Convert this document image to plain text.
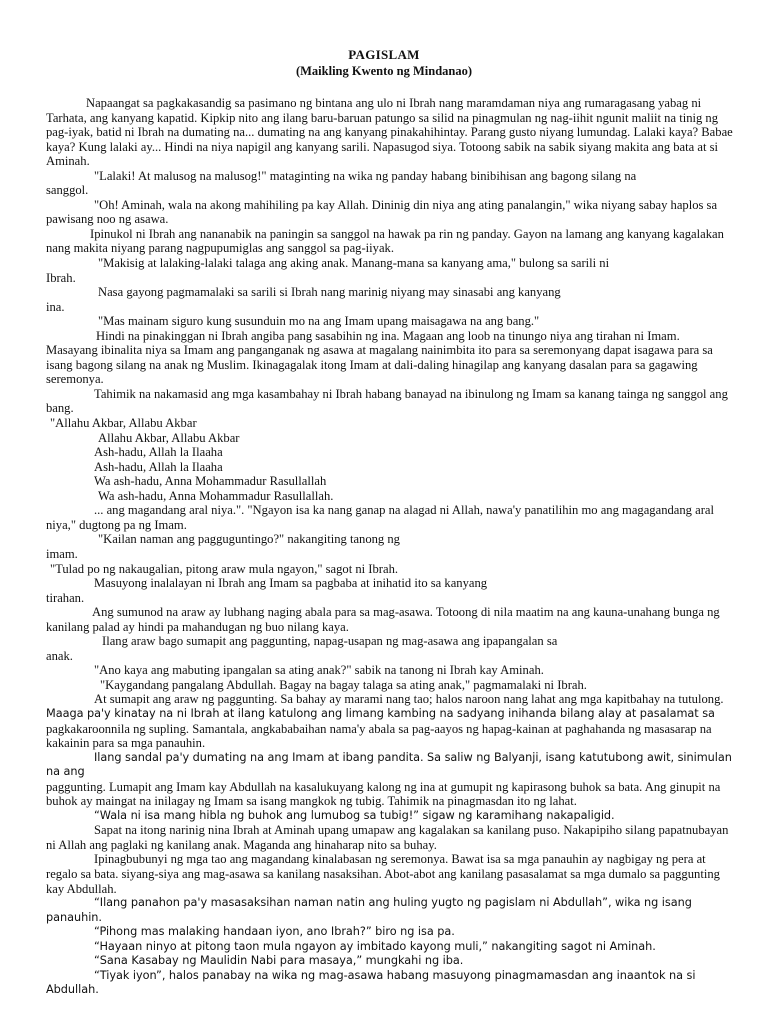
PAGISLAM
(Maikling Kwento ng Mindanao)

Napaangat sa pagkakasandig sa pasimano ng bintana ang ulo ni Ibrah nang maramdaman niya ang rumaragasang yabag ni Tarhata, ang kanyang kapatid. Kipkip nito ang ilang baru-baruan patungo sa silid na pinagmulan ng nag-iihit ngunit maliit na tinig ng pag-iyak, batid ni Ibrah na dumating na... dumating na ang kanyang pinakahihintay. Parang gusto niyang lumundag. Lalaki kaya? Babae kaya? Kung lalaki ay... Hindi na niya napigil ang kanyang sarili. Napasugod siya. Totoong sabik na sabik siyang makita ang bata at si Aminah.

"Lalaki! At malusog na malusog!" mataginting na wika ng panday habang binibihisan ang bagong silang na

sanggol.

"Oh! Aminah, wala na akong mahihiling pa kay Allah. Dininig din niya ang ating panalangin," wika niyang sabay haplos sa pawisang noo ng asawa.

Ipinukol ni Ibrah ang nananabik na paningin sa sanggol na hawak pa rin ng panday. Gayon na lamang ang kanyang kagalakan nang makita niyang parang nagpupumiglas ang sanggol sa pag-iiyak.

"Makisig at lalaking-lalaki talaga ang aking anak. Manang-mana sa kanyang ama," bulong sa sarili ni

Ibrah.

Nasa gayong pagmamalaki sa sarili si Ibrah nang marinig niyang may sinasabi ang kanyang

ina.

"Mas mainam siguro kung susunduin mo na ang Imam upang maisagawa na ang bang."

Hindi na pinakinggan ni Ibrah angiba pang sasabihin ng ina. Magaan ang loob na tinungo niya ang tirahan ni Imam. Masayang ibinalita niya sa Imam ang panganganak ng asawa at magalang nainimbita ito para sa seremonyang dapat isagawa para sa isang bagong silang na anak ng Muslim. Ikinagagalak itong Imam at dali-daling hinagilap ang kanyang dasalan para sa gagawing seremonya.

Tahimik na nakamasid ang mga kasambahay ni Ibrah habang banayad na ibinulong ng Imam sa kanang tainga ng sanggol ang bang.

"Allahu Akbar, Allabu Akbar

Allahu Akbar, Allabu Akbar

Ash-hadu, Allah la Ilaaha

Ash-hadu, Allah la Ilaaha

Wa ash-hadu, Anna Mohammadur Rasullallah

Wa ash-hadu, Anna Mohammadur Rasullallah.

... ang magandang aral niya.". "Ngayon isa ka nang ganap na alagad ni Allah, nawa'y panatilihin mo ang magagandang aral niya," dugtong pa ng Imam.

"Kailan naman ang pagguguntingo?" nakangiting tanong ng

imam.

"Tulad po ng nakaugalian, pitong araw mula ngayon," sagot ni Ibrah.

Masuyong inalalayan ni Ibrah ang Imam sa pagbaba at inihatid ito sa kanyang

tirahan.

Ang sumunod na araw ay lubhang naging abala para sa mag-asawa. Totoong di nila maatim na ang kauna-unahang bunga ng kanilang palad ay hindi pa mahandugan ng buo nilang kaya.

Ilang araw bago sumapit ang paggunting, napag-usapan ng mag-asawa ang ipapangalan sa

anak.

"Ano kaya ang mabuting ipangalan sa ating anak?" sabik na tanong ni Ibrah kay Aminah.

"Kaygandang pangalang Abdullah. Bagay na bagay talaga sa ating anak," pagmamalaki ni Ibrah.

At sumapit ang araw ng paggunting. Sa bahay ay marami nang tao; halos naroon nang lahat ang mga kapitbahay na tutulong.

Maaga pa'y kinatay na ni Ibrah at ilang katulong ang limang kambing na sadyang inihanda bilang alay at pasalamat sa

pagkakaroonnila ng supling. Samantala, angkababaihan nama'y abala sa pag-aayos ng hapag-kainan at paghahanda ng masasarap na kakainin para sa mga panauhin.

Ilang sandal pa'y dumating na ang Imam at ibang pandita. Sa saliw ng Balyanji, isang katutubong awit, sinimulan na ang

paggunting. Lumapit ang Imam kay Abdullah na kasalukuyang kalong ng ina at gumupit ng kapirasong buhok sa bata. Ang ginupit na buhok ay maingat na inilagay ng Imam sa isang mangkok ng tubig. Tahimik na pinagmasdan ito ng lahat.

“Wala ni isa mang hibla ng buhok ang lumubog sa tubig!” sigaw ng karamihang nakapaligid.

Sapat na itong narinig nina Ibrah at Aminah upang umapaw ang kagalakan sa kanilang puso. Nakapipiho silang papatnubayan ni Allah ang paglaki ng kanilang anak. Maganda ang hinaharap nito sa buhay.

Ipinagbubunyi ng mga tao ang magandang kinalabasan ng seremonya. Bawat isa sa mga panauhin ay nagbigay ng pera at regalo sa bata. siyang-siya ang mag-asawa sa kanilang nasaksihan. Abot-abot ang kanilang pasasalamat sa mga dumalo sa paggunting kay Abdullah.

“Ilang panahon pa'y masasaksihan naman natin ang huling yugto ng pagislam ni Abdullah”, wika ng isang panauhin.

“Pihong mas malaking handaan iyon, ano Ibrah?” biro ng isa pa.

“Hayaan ninyo at pitong taon mula ngayon ay imbitado kayong muli,” nakangiting sagot ni Aminah.

“Sana Kasabay ng Maulidin Nabi para masaya,” mungkahi ng iba.

“Tiyak iyon”, halos panabay na wika ng mag-asawa habang masuyong pinagmamasdan ang inaantok na si Abdullah.
